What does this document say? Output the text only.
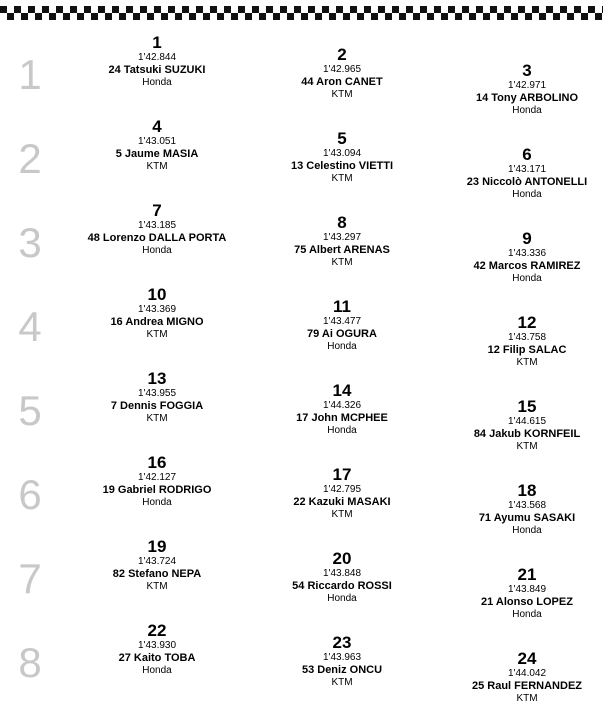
1
2
3
4
5
6
7
8
1
1'42.844
24 Tatsuki SUZUKI
Honda
2
1'42.965
44 Aron CANET
KTM
3
1'42.971
14 Tony ARBOLINO
Honda
4
1'43.051
5 Jaume MASIA
KTM
5
1'43.094
13 Celestino VIETTI
KTM
6
1'43.171
23 Niccolò ANTONELLI
Honda
7
1'43.185
48 Lorenzo DALLA PORTA
Honda
8
1'43.297
75 Albert ARENAS
KTM
9
1'43.336
42 Marcos RAMIREZ
Honda
10
1'43.369
16 Andrea MIGNO
KTM
11
1'43.477
79 Ai OGURA
Honda
12
1'43.758
12 Filip SALAC
KTM
13
1'43.955
7 Dennis FOGGIA
KTM
14
1'44.326
17 John MCPHEE
Honda
15
1'44.615
84 Jakub KORNFEIL
KTM
16
1'42.127
19 Gabriel RODRIGO
Honda
17
1'42.795
22 Kazuki MASAKI
KTM
18
1'43.568
71 Ayumu SASAKI
Honda
19
1'43.724
82 Stefano NEPA
KTM
20
1'43.848
54 Riccardo ROSSI
Honda
21
1'43.849
21 Alonso LOPEZ
Honda
22
1'43.930
27 Kaito TOBA
Honda
23
1'43.963
53 Deniz ONCU
KTM
24
1'44.042
25 Raul FERNANDEZ
KTM
